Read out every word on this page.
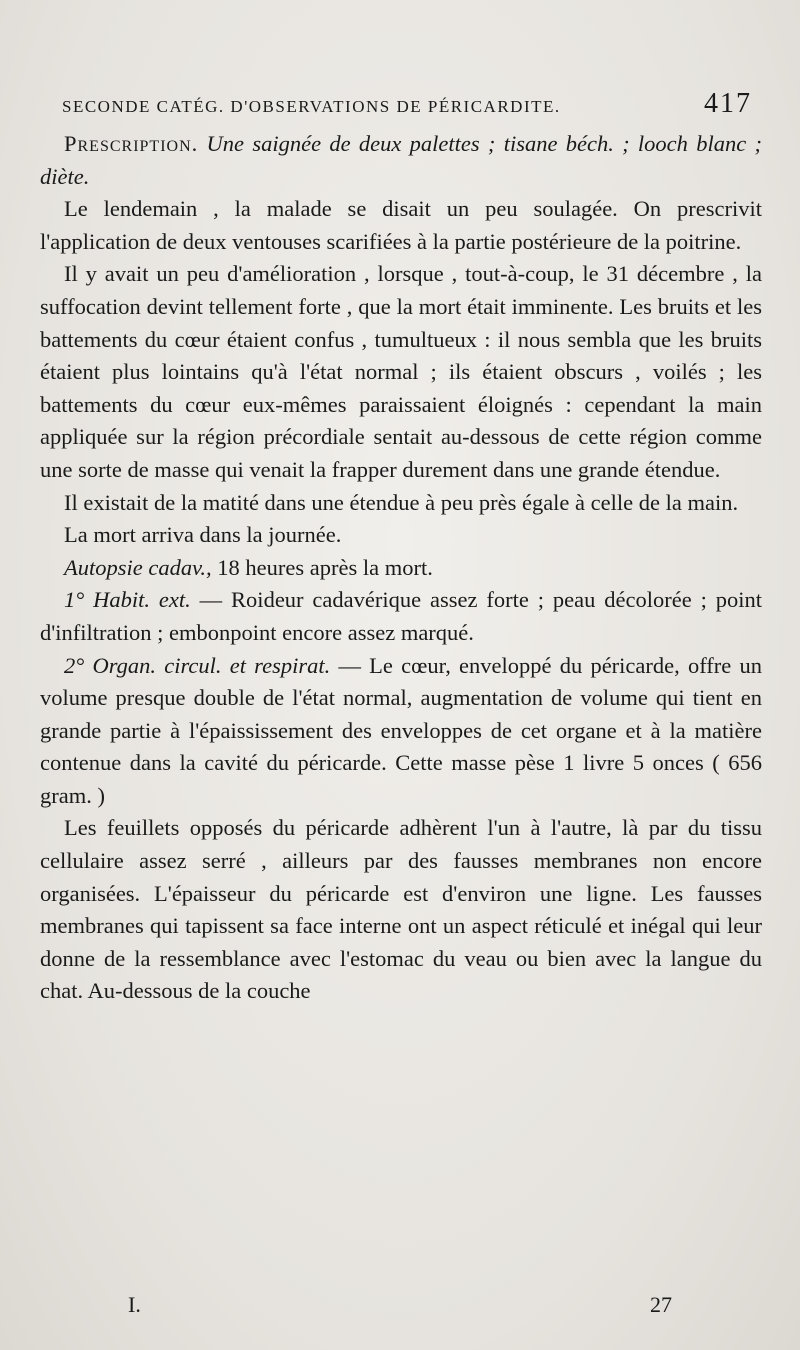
SECONDE CATÉG. D'OBSERVATIONS DE PÉRICARDITE.	417

Prescription. Une saignée de deux palettes ; tisane béch. ; looch blanc ; diète.

Le lendemain , la malade se disait un peu soulagée. On prescrivit l'application de deux ventouses scarifiées à la partie postérieure de la poitrine.

Il y avait un peu d'amélioration , lorsque , tout-à-coup, le 31 décembre , la suffocation devint tellement forte , que la mort était imminente. Les bruits et les battements du cœur étaient confus , tumultueux : il nous sembla que les bruits étaient plus lointains qu'à l'état normal ; ils étaient obscurs , voilés ; les battements du cœur eux-mêmes paraissaient éloignés : cependant la main appliquée sur la région précordiale sentait au-dessous de cette région comme une sorte de masse qui venait la frapper durement dans une grande étendue.

Il existait de la matité dans une étendue à peu près égale à celle de la main.

La mort arriva dans la journée.

Autopsie cadav., 18 heures après la mort.

1° Habit. ext. — Roideur cadavérique assez forte ; peau décolorée ; point d'infiltration ; embonpoint encore assez marqué.

2° Organ. circul. et respirat. — Le cœur, enveloppé du péricarde, offre un volume presque double de l'état normal, augmentation de volume qui tient en grande partie à l'épaississement des enveloppes de cet organe et à la matière contenue dans la cavité du péricarde. Cette masse pèse 1 livre 5 onces ( 656 gram. )

Les feuillets opposés du péricarde adhèrent l'un à l'autre, là par du tissu cellulaire assez serré , ailleurs par des fausses membranes non encore organisées. L'épaisseur du péricarde est d'environ une ligne. Les fausses membranes qui tapissent sa face interne ont un aspect réticulé et inégal qui leur donne de la ressemblance avec l'estomac du veau ou bien avec la langue du chat. Au-dessous de la couche

I.	27
